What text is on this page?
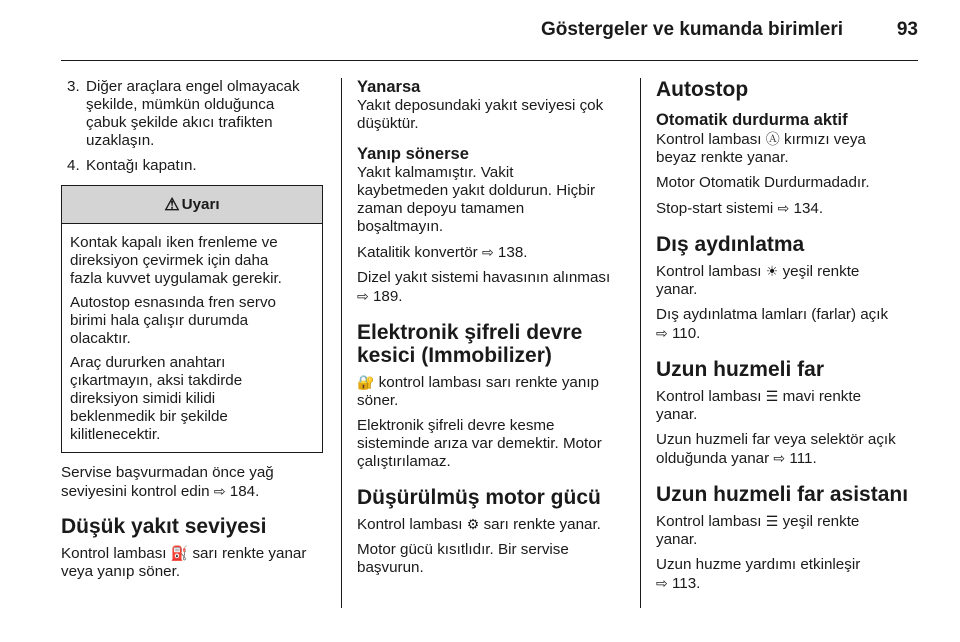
Göstergeler ve kumanda birimleri	93
3. Diğer araçlara engel olmayacak
şekilde, mümkün olduğunca
çabuk şekilde akıcı trafikten
uzaklaşın.
4. Kontağı kapatın.
⚠ Uyarı

Kontak kapalı iken frenleme ve
direksiyon çevirmek için daha
fazla kuvvet uygulamak gerekir.

Autostop esnasında fren servo
birimi hala çalışır durumda
olacaktır.

Araç dururken anahtarı
çıkartmayın, aksi takdirde
direksiyon simidi kilidi
beklenmedik bir şekilde
kilitlenecektir.

Servise başvurmadan önce yağ
seviyesini kontrol edin ⇨ 184.

Düşük yakıt seviyesi

Kontrol lambası ⛽ sarı renkte yanar
veya yanıp söner.

Yanarsa

Yakıt deposundaki yakıt seviyesi çok
düşüktür.

Yanıp sönerse

Yakıt kalmamıştır. Vakit
kaybetmeden yakıt doldurun. Hiçbir
zaman depoyu tamamen
boşaltmayın.

Katalitik konvertör ⇨ 138.

Dizel yakıt sistemi havasının alınması
⇨ 189.

Elektronik şifreli devre
kesici (Immobilizer)

🔐 kontrol lambası sarı renkte yanıp
söner.

Elektronik şifreli devre kesme
sisteminde arıza var demektir. Motor
çalıştırılamaz.

Düşürülmüş motor gücü

Kontrol lambası ⚙ sarı renkte yanar.

Motor gücü kısıtlıdır. Bir servise
başvurun.

Autostop
Otomatik durdurma aktif

Kontrol lambası Ⓐ kırmızı veya
beyaz renkte yanar.

Motor Otomatik Durdurmadadır.

Stop-start sistemi ⇨ 134.

Dış aydınlatma

Kontrol lambası ☀ yeşil renkte
yanar.

Dış aydınlatma lamları (farlar) açık
⇨ 110.

Uzun huzmeli far

Kontrol lambası ☰ mavi renkte
yanar.

Uzun huzmeli far veya selektör açık
olduğunda yanar ⇨ 111.

Uzun huzmeli far asistanı

Kontrol lambası ☰ yeşil renkte
yanar.

Uzun huzme yardımı etkinleşir
⇨ 113.
